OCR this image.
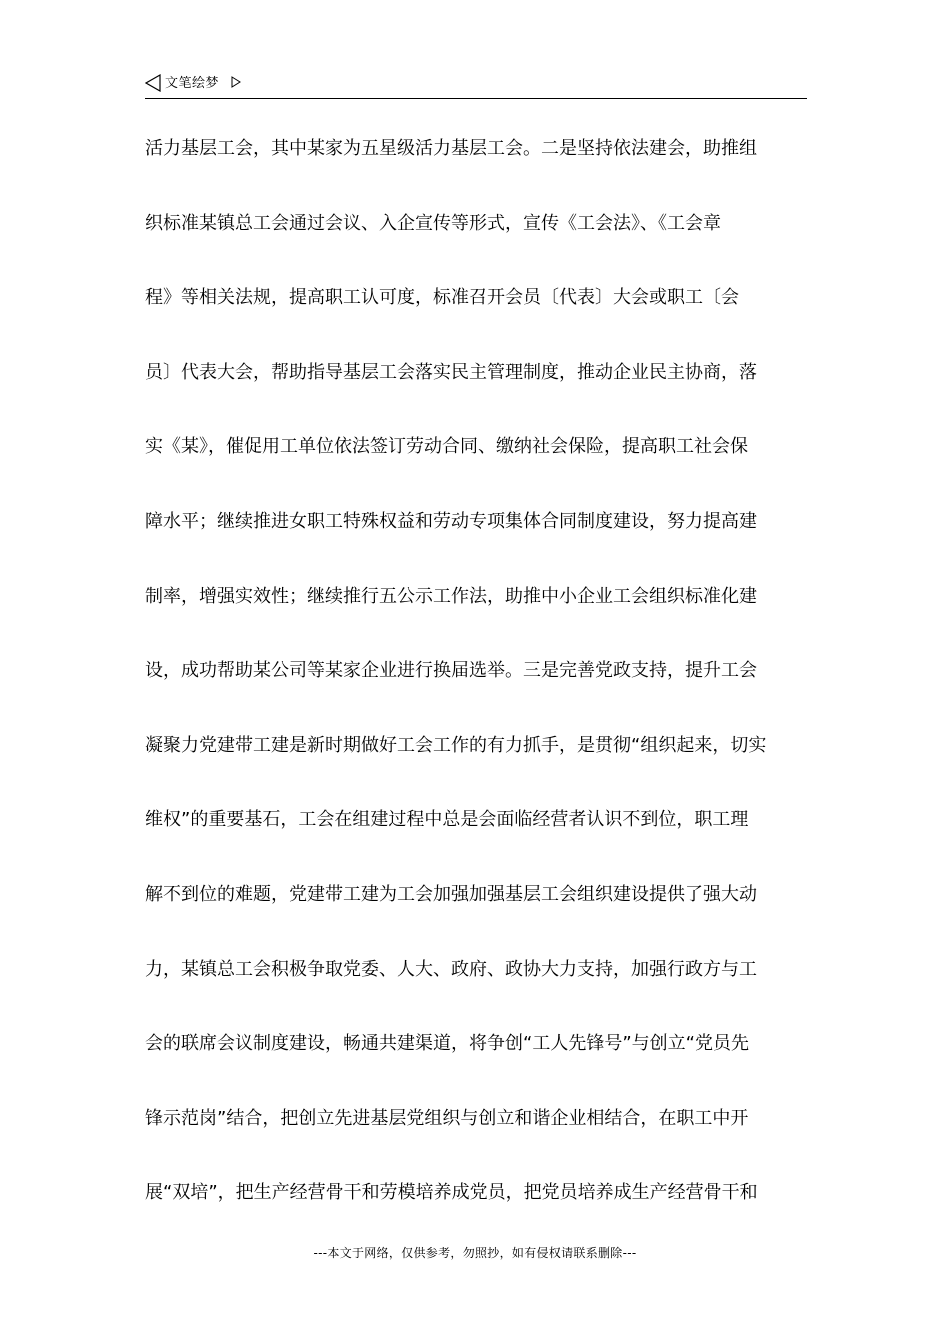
文笔绘梦
活力基层工会，其中某家为五星级活力基层工会。二是坚持依法建会，助推组
织标准某镇总工会通过会议、入企宣传等形式，宣传《工会法》、《工会章
程》等相关法规，提高职工认可度，标准召开会员〔代表〕大会或职工〔会
员〕代表大会，帮助指导基层工会落实民主管理制度，推动企业民主协商，落
实《某》，催促用工单位依法签订劳动合同、缴纳社会保险，提高职工社会保
障水平；继续推进女职工特殊权益和劳动专项集体合同制度建设，努力提高建
制率，增强实效性；继续推行五公示工作法，助推中小企业工会组织标准化建
设，成功帮助某公司等某家企业进行换届选举。三是完善党政支持，提升工会
凝聚力党建带工建是新时期做好工会工作的有力抓手，是贯彻“组织起来，切实
维权”的重要基石，工会在组建过程中总是会面临经营者认识不到位，职工理
解不到位的难题，党建带工建为工会加强加强基层工会组织建设提供了强大动
力，某镇总工会积极争取党委、人大、政府、政协大力支持，加强行政方与工
会的联席会议制度建设，畅通共建渠道，将争创“工人先锋号”与创立“党员先
锋示范岗”结合，把创立先进基层党组织与创立和谐企业相结合，在职工中开
展“双培”，把生产经营骨干和劳模培养成党员，把党员培养成生产经营骨干和
---本文于网络，仅供参考，勿照抄，如有侵权请联系删除---
